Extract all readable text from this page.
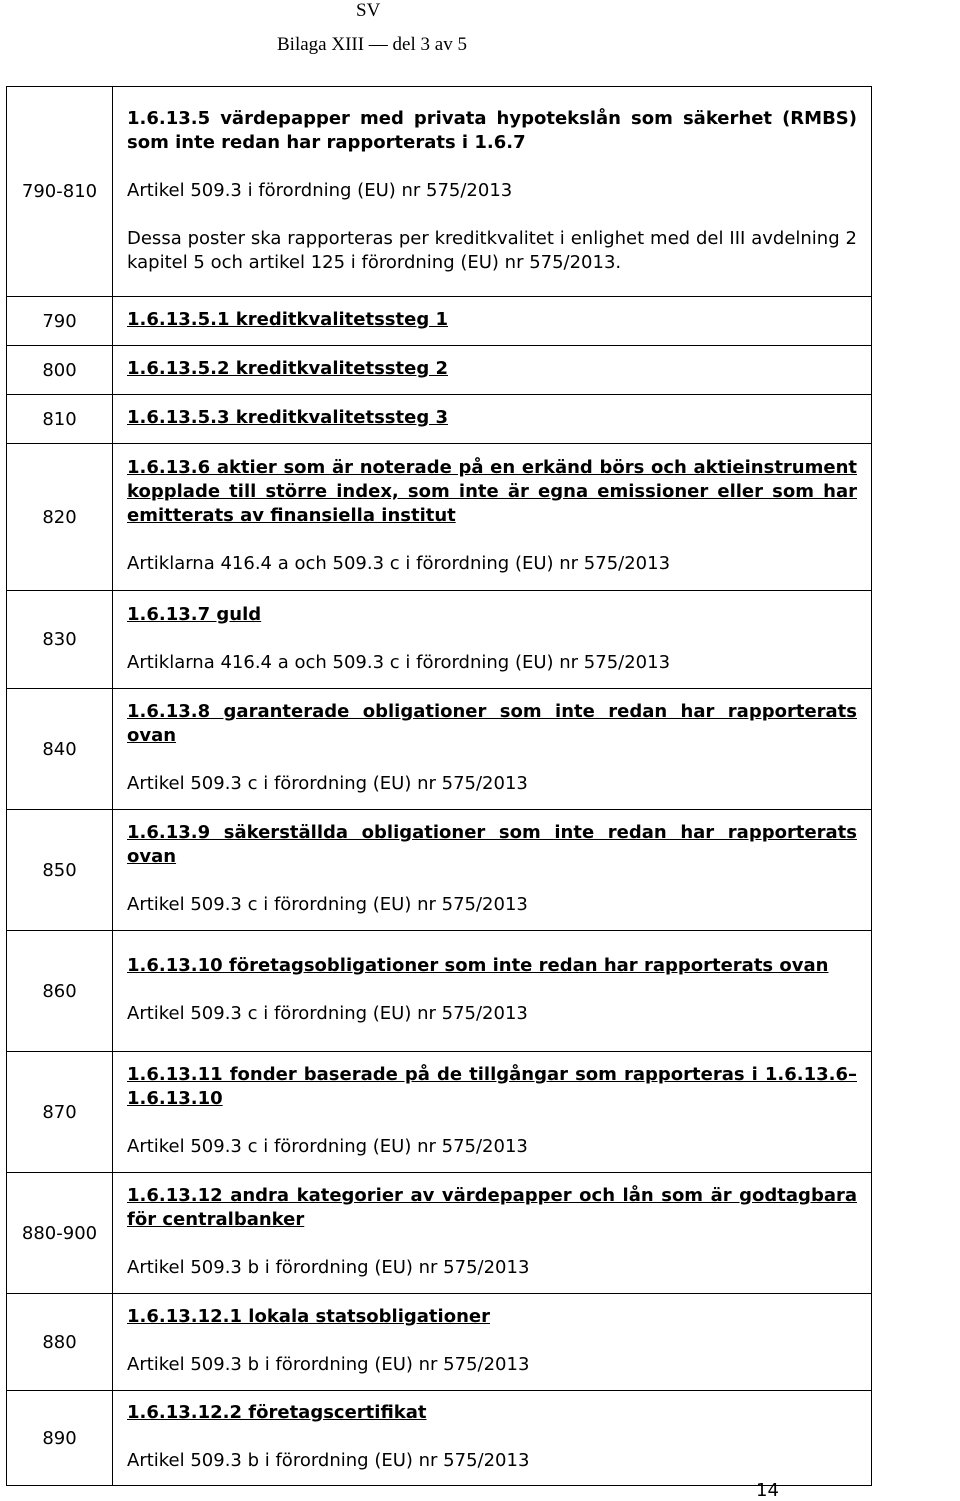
SV
Bilaga XIII — del 3 av 5
790-810	1.6.13.5 värdepapper med privata hypotekslån som säkerhet (RMBS) som inte redan har rapporterats i 1.6.7

Artikel 509.3 i förordning (EU) nr 575/2013

Dessa poster ska rapporteras per kreditkvalitet i enlighet med del III avdelning 2 kapitel 5 och artikel 125 i förordning (EU) nr 575/2013.

790	1.6.13.5.1 kreditkvalitetssteg 1

800	1.6.13.5.2 kreditkvalitetssteg 2

810	1.6.13.5.3 kreditkvalitetssteg 3

820	1.6.13.6 aktier som är noterade på en erkänd börs och aktieinstrument kopplade till större index, som inte är egna emissioner eller som har emitterats av finansiella institut

Artiklarna 416.4 a och 509.3 c i förordning (EU) nr 575/2013

830	1.6.13.7 guld

Artiklarna 416.4 a och 509.3 c i förordning (EU) nr 575/2013

840	1.6.13.8 garanterade obligationer som inte redan har rapporterats ovan

Artikel 509.3 c i förordning (EU) nr 575/2013

850	1.6.13.9 säkerställda obligationer som inte redan har rapporterats ovan

Artikel 509.3 c i förordning (EU) nr 575/2013

860	1.6.13.10 företagsobligationer som inte redan har rapporterats ovan

Artikel 509.3 c i förordning (EU) nr 575/2013

870	1.6.13.11 fonder baserade på de tillgångar som rapporteras i 1.6.13.6–1.6.13.10

Artikel 509.3 c i förordning (EU) nr 575/2013

880-900	1.6.13.12 andra kategorier av värdepapper och lån som är godtagbara för centralbanker

Artikel 509.3 b i förordning (EU) nr 575/2013

880	1.6.13.12.1 lokala statsobligationer

Artikel 509.3 b i förordning (EU) nr 575/2013

890	1.6.13.12.2 företagscertifikat

Artikel 509.3 b i förordning (EU) nr 575/2013

14
